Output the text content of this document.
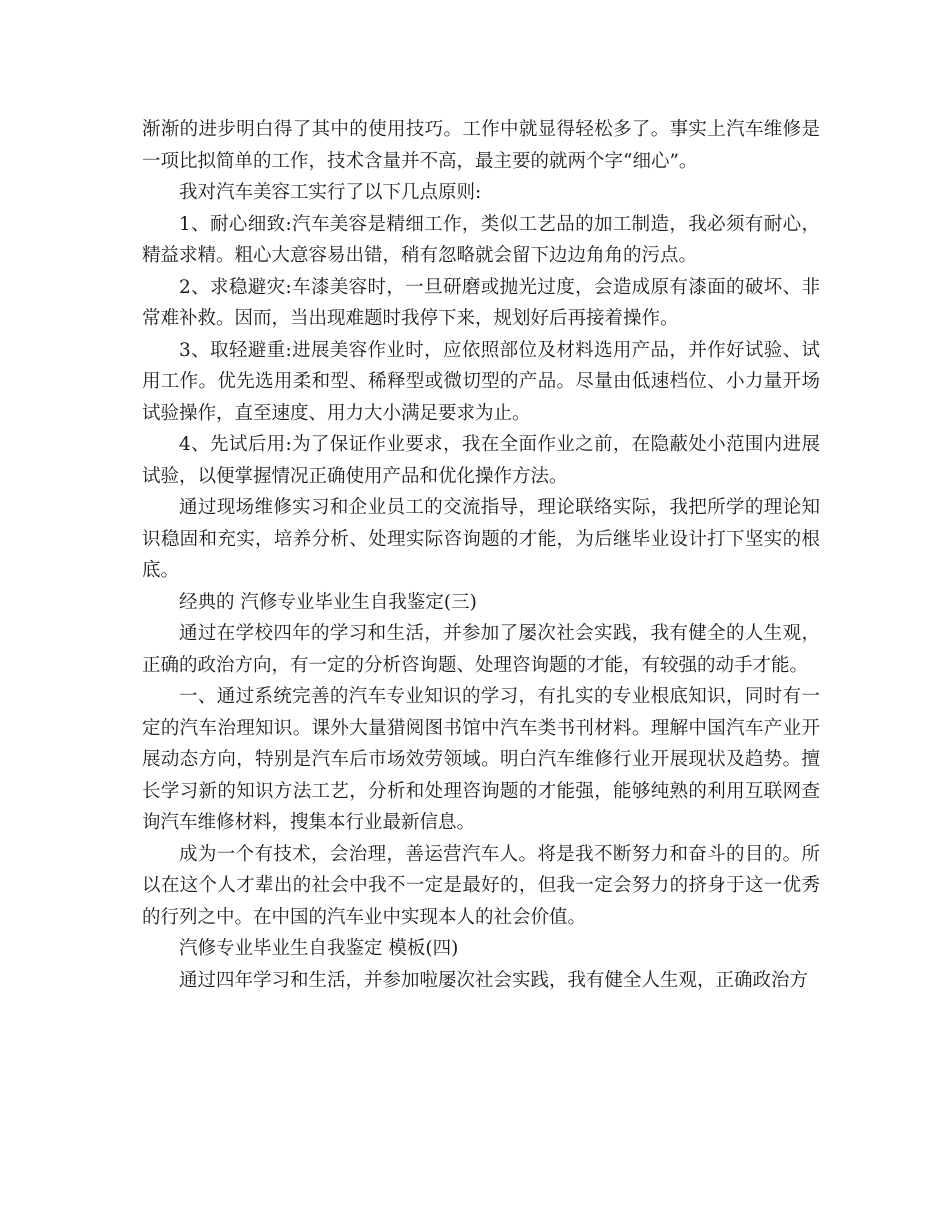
渐渐的进步明白得了其中的使用技巧。工作中就显得轻松多了。事实上汽车维修是一项比拟简单的工作，技术含量并不高，最主要的就两个字“细心”。

我对汽车美容工实行了以下几点原则:

1、耐心细致:汽车美容是精细工作，类似工艺品的加工制造，我必须有耐心，精益求精。粗心大意容易出错，稍有忽略就会留下边边角角的污点。

2、求稳避灾:车漆美容时，一旦研磨或抛光过度，会造成原有漆面的破坏、非常难补救。因而，当出现难题时我停下来，规划好后再接着操作。

3、取轻避重:进展美容作业时，应依照部位及材料选用产品，并作好试验、试用工作。优先选用柔和型、稀释型或微切型的产品。尽量由低速档位、小力量开场试验操作，直至速度、用力大小满足要求为止。

4、先试后用:为了保证作业要求，我在全面作业之前，在隐蔽处小范围内进展试验，以便掌握情况正确使用产品和优化操作方法。

通过现场维修实习和企业员工的交流指导，理论联络实际，我把所学的理论知识稳固和充实，培养分析、处理实际咨询题的才能，为后继毕业设计打下坚实的根底。

经典的 汽修专业毕业生自我鉴定(三)

通过在学校四年的学习和生活，并参加了屡次社会实践，我有健全的人生观，正确的政治方向，有一定的分析咨询题、处理咨询题的才能，有较强的动手才能。

一、通过系统完善的汽车专业知识的学习，有扎实的专业根底知识，同时有一定的汽车治理知识。课外大量猎阅图书馆中汽车类书刊材料。理解中国汽车产业开展动态方向，特别是汽车后市场效劳领域。明白汽车维修行业开展现状及趋势。擅长学习新的知识方法工艺，分析和处理咨询题的才能强，能够纯熟的利用互联网查询汽车维修材料，搜集本行业最新信息。

成为一个有技术，会治理，善运营汽车人。将是我不断努力和奋斗的目的。所以在这个人才辈出的社会中我不一定是最好的，但我一定会努力的挤身于这一优秀的行列之中。在中国的汽车业中实现本人的社会价值。

汽修专业毕业生自我鉴定 模板(四)

通过四年学习和生活，并参加啦屡次社会实践，我有健全人生观，正确政治方
